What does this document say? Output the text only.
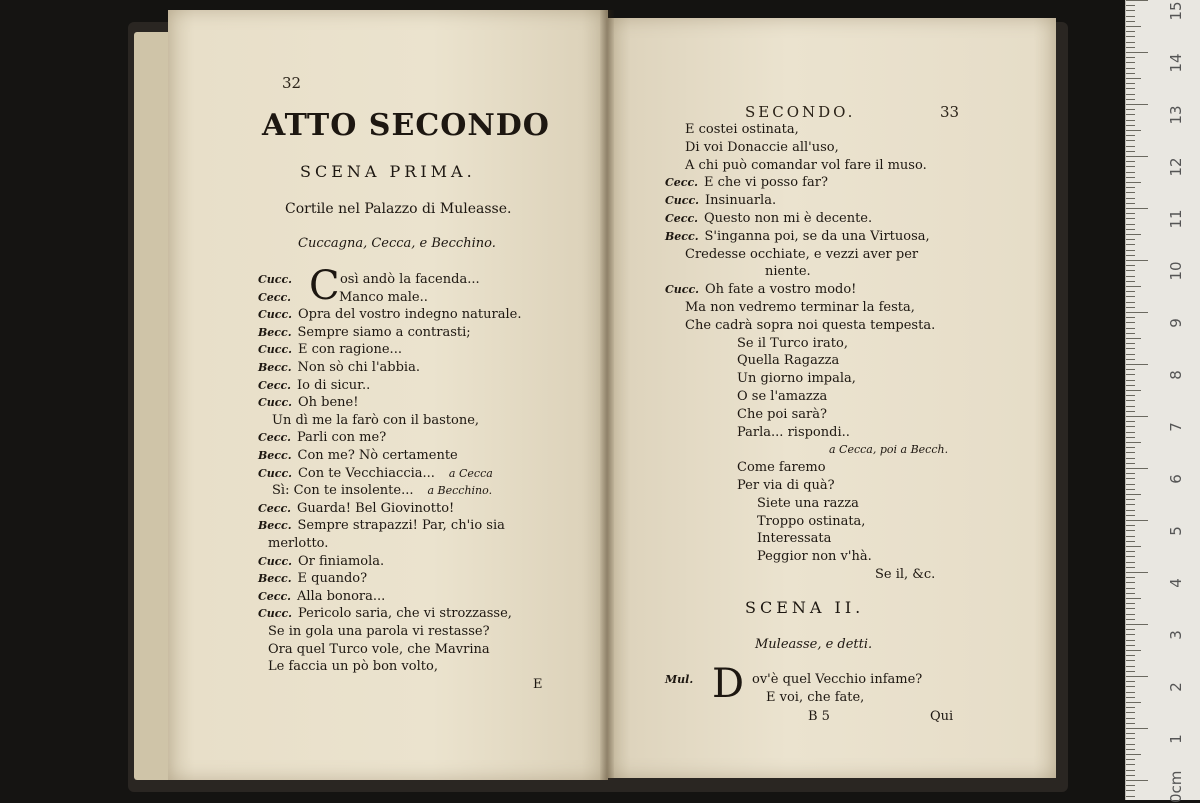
32
ATTO SECONDO
SCENA PRIMA.
Cortile nel Palazzo di Muleasse.
Cuccagna, Cecca, e Becchino.
C
Cucc.	osì andò la facenda...
Cecc.	Manco male..
Cucc. Opra del vostro indegno naturale.
Becc. Sempre siamo a contrasti;
Cucc. E con ragione...
Becc. Non sò chi l'abbia.
Cecc. Io di sicur..
Cucc. Oh bene!
Un dì me la farò con il bastone,
Cecc. Parli con me?
Becc. Con me? Nò certamente
Cucc. Con te Vecchiaccia... a Cecca
Sì: Con te insolente... a Becchino.
Cecc. Guarda! Bel Giovinotto!
Becc. Sempre strapazzi! Par, ch'io sia
merlotto.
Cucc. Or finiamola.
Becc. E quando?
Cecc. Alla bonora...
Cucc. Pericolo saria, che vi strozzasse,
Se in gola una parola vi restasse?
Ora quel Turco vole, che Mavrina
Le faccia un pò bon volto,
E
SECONDO.	33
E costei ostinata,
Di voi Donaccie all'uso,
A chi può comandar vol fare il muso.
Cecc. E che vi posso far?
Cucc. Insinuarla.
Cecc. Questo non mi è decente.
Becc. S'inganna poi, se da una Virtuosa,
Credesse occhiate, e vezzi aver per
niente.
Cucc. Oh fate a vostro modo!
Ma non vedremo terminar la festa,
Che cadrà sopra noi questa tempesta.
Se il Turco irato,
Quella Ragazza
Un giorno impala,
O se l'amazza
Che poi sarà?
Parla... rispondi..
a Cecca, poi a Becch.
Come faremo
Per via di quà?
Siete una razza
Troppo ostinata,
Interessata
Peggior non v'hà.
Se il, &c.
SCENA II.
Muleasse, e detti.
Mul. D ov'è quel Vecchio infame?
E voi, che fate,
B 5	Qui
15
14
13
12
11
10
9
8
7
6
5
4
3
2
1
0cm
